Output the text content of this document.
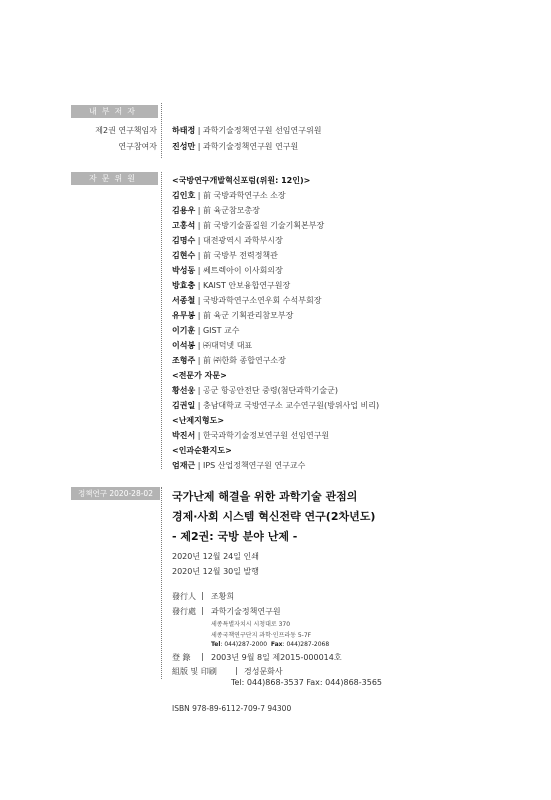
내부저자
제2권 연구책임자 하태정 | 과학기술정책연구원 선임연구위원
연구참여자 진성만 | 과학기술정책연구원 연구원
자문위원	<국방연구개발혁신포럼(위원: 12인)>
김인호 | 前 국방과학연구소 소장
김용우 | 前 육군참모총장
고홍석 | 前 국방기술품질원 기술기획본부장
김명수 | 대전광역시 과학부시장
김현수 | 前 국방부 전력정책관
박성동 | 쎄트렉아이 이사회의장
방효충 | KAIST 안보융합연구원장
서종철 | 국방과학연구소연우회 수석부회장
유무봉 | 前 육군 기획관리참모부장
이기훈 | GIST 교수
이석봉 | ㈜대덕넷 대표
조형주 | 前 ㈜한화 종합연구소장
<전문가 자문>
황선웅 | 공군 항공안전단 중령(첨단과학기술군)
김권일 | 충남대학교 국방연구소 교수연구원(방위사업 비리)
<난제지형도>
박진서 | 한국과학기술정보연구원 선임연구원
<인과순환지도>
엄재근 | IPS 산업정책연구원 연구교수
정책연구 2020-28-02	국가난제 해결을 위한 과학기술 관점의
경제·사회 시스템 혁신전략 연구(2차년도)
- 제2권: 국방 분야 난제 -
2020년 12월 24일 인쇄
2020년 12월 30일 발행
發行人 | 조황희
發行處 | 과학기술정책연구원
세종특별자치시 시청대로 370
세종국책연구단지 과학·인프라동 5-7F
Tel: 044)287-2000 Fax: 044)287-2068
登 錄 | 2003년 9월 8일 제2015-000014호
組版 및 印刷 | 경성문화사
Tel: 044)868-3537 Fax: 044)868-3565
ISBN 978-89-6112-709-7 94300
